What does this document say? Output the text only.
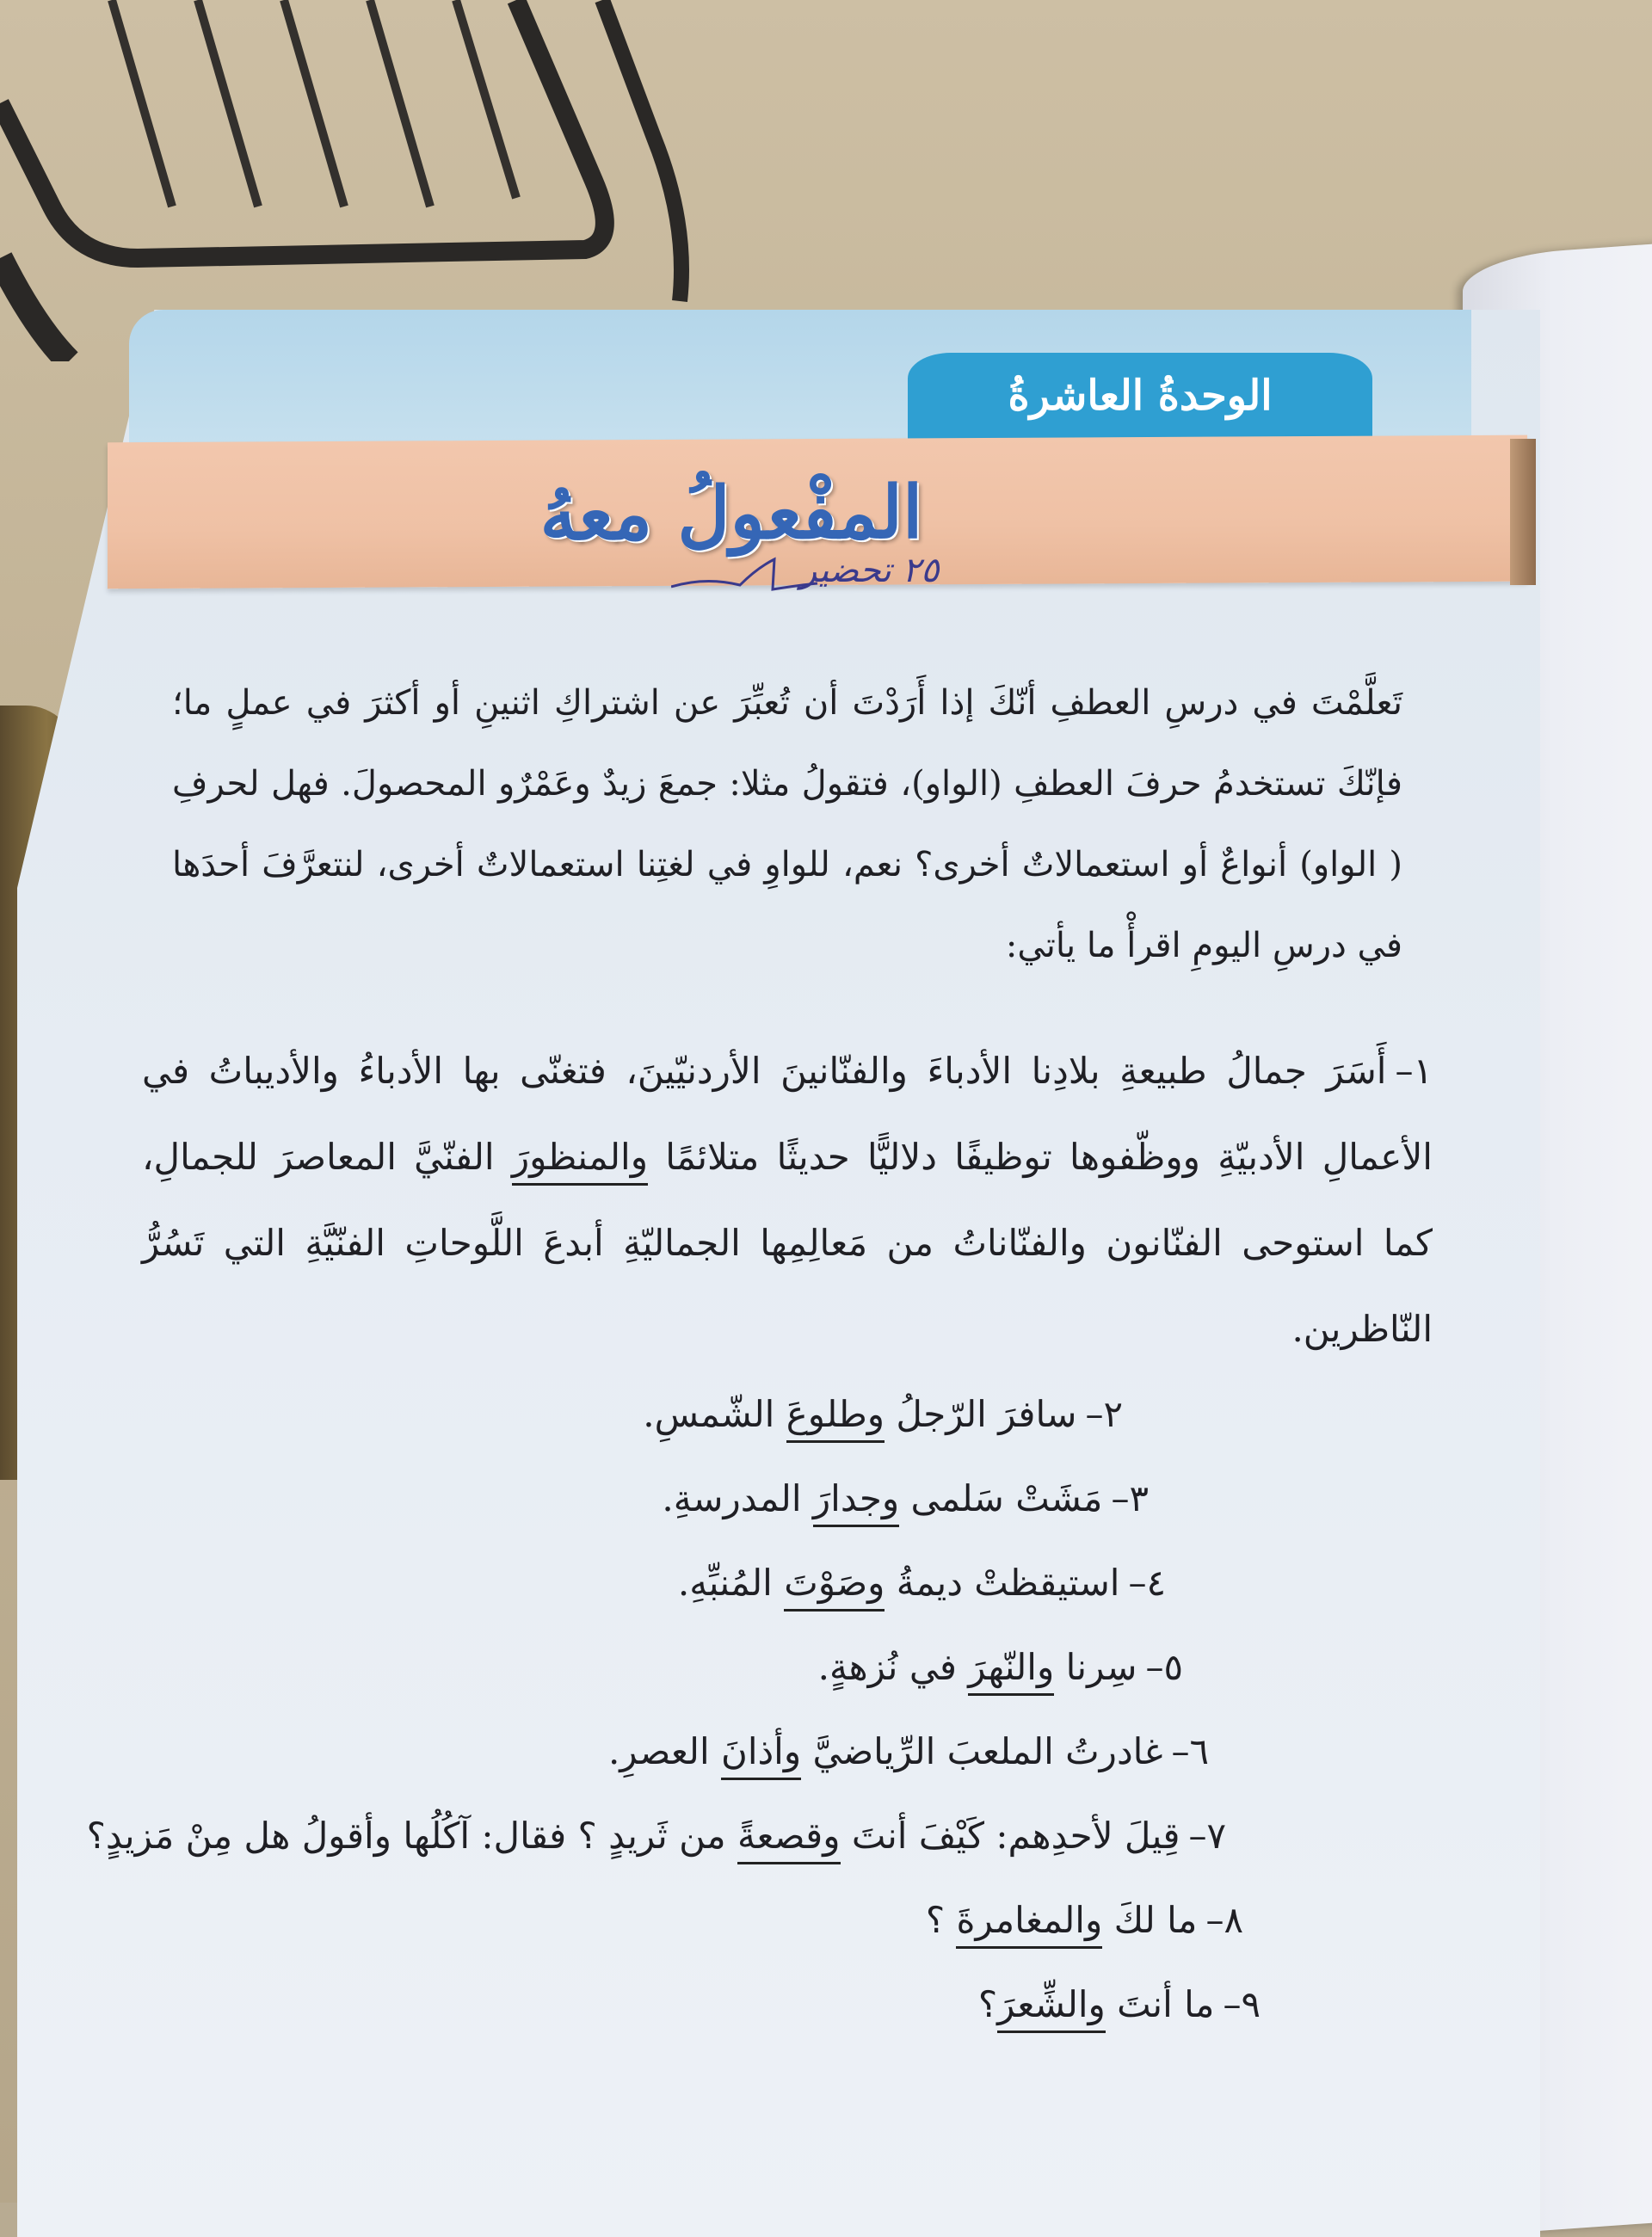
الوحدةُ العاشرةُ
المفْعولُ معهُ
٢٥ تحضير
تَعلَّمْتَ في درسِ العطفِ أنّكَ إذا أَرَدْتَ أن تُعبِّرَ عن اشتراكِ اثنينِ أو أكثرَ في عملٍ ما؛ فإنّكَ تستخدمُ حرفَ العطفِ (الواو)، فتقولُ مثلا: جمعَ زيدٌ وعَمْرٌو المحصولَ. فهل لحرفِ ( الواو) أنواعٌ أو استعمالاتٌ أخرى؟ نعم، للواوِ في لغتِنا استعمالاتٌ أخرى، لنتعرَّفَ أحدَها في درسِ اليومِ اقرأْ ما يأتي:
١–أَسَرَ جمالُ طبيعةِ بلادِنا الأدباءَ والفنّانينَ الأردنيّينَ، فتغنّى بها الأدباءُ والأديباتُ في الأعمالِ الأدبيّةِ ووظّفوها توظيفًا دلاليًّا حديثًا متلائمًا والمنظورَ الفنّيَّ المعاصرَ للجمالِ، كما استوحى الفنّانون والفنّاناتُ من مَعالِمِها الجماليّةِ أبدعَ اللَّوحاتِ الفنّيَّةِ التي تَسُرُّ النّاظرين.
٢–سافرَ الرّجلُ وطلوعَ الشّمسِ.
٣–مَشَتْ سَلمى وجدارَ المدرسةِ.
٤–استيقظتْ ديمةُ وصَوْتَ المُنبِّهِ.
٥–سِرنا والنّهرَ في نُزهةٍ.
٦–غادرتُ الملعبَ الرِّياضيَّ وأذانَ العصرِ.
٧–قِيلَ لأحدِهم: كَيْفَ أنتَ وقصعةً من ثَريدٍ ؟ فقال: آكُلُها وأقولُ هل مِنْ مَزيدٍ؟
٨–ما لكَ والمغامرةَ ؟
٩–ما أنتَ والشِّعرَ؟
